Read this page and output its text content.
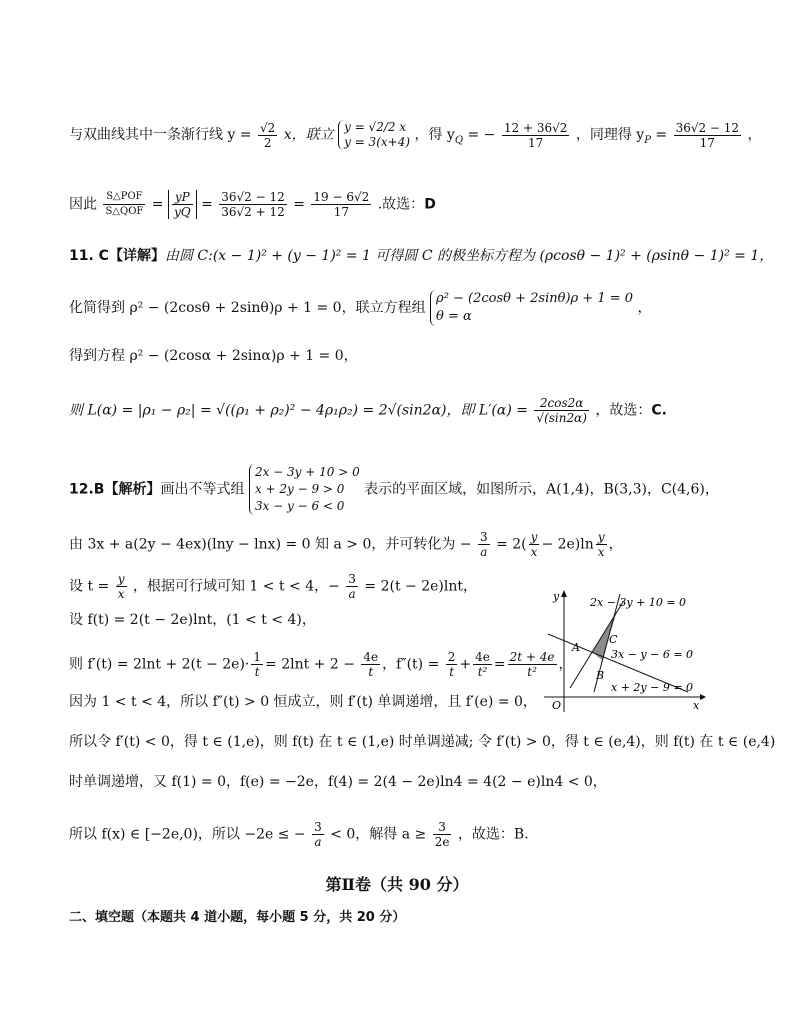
与双曲线其中一条渐行线 $y = \frac{√2}{2}$ x，联立 y = √2/2 x
y = 3(x+4) ，得 $y_Q$ = − $\frac{12 + 36√2}{17}$ ，同理得 $y_P = \frac{36√2 - 12}{17}$ ，
因此 $\frac{\text{S△POF}}{\text{S△QOF}} = \frac{yP}{yQ} = \frac{36√2 - 12}{36√2 + 12} = \frac{19 - 6√2}{17}$ .故选：D
11. C【详解】由圆 C:(x − 1)² + (y − 1)² = 1 可得圆 C 的极坐标方程为 (ρcosθ − 1)² + (ρsinθ − 1)² = 1，
化简得到 ρ² − (2cosθ + 2sinθ)ρ + 1 = 0，联立方程组
ρ² − (2cosθ + 2sinθ)ρ + 1 = 0
θ = α
，
得到方程 ρ² − (2cosα + 2sinα)ρ + 1 = 0，
则 L(α) = |ρ₁ − ρ₂| = √((ρ₁ + ρ₂)² − 4ρ₁ρ₂) = 2√(sin2α)，即 $L'(\alpha) = \frac{2\cos 2\alpha}{√(\sin 2\alpha)}$ ，故选：C.
12.B【解析】画出不等式组
2x − 3y + 10 > 0
x + 2y − 9 > 0
3x − y − 6 < 0
表示的平面区域，如图所示，A(1,4)，B(3,3)，C(4,6)，
由 3x + a(2y − 4ex)(lny − lnx) = 0 知 a > 0，并可转化为 − $\frac{3}{a} = 2( \frac{y}{x} - 2e)\ln \frac{y}{x}$ ，
设 $t = \frac{y}{x}$ ，根据可行域可知 1 < t < 4，− $\frac{3}{a} = 2(t - 2e)\ln t$，
设 f(t) = 2(t − 2e)lnt，(1 < t < 4)，
则 $f'(t) = 2\ln t + 2(t - 2e)\cdot \frac{1}{t} = 2\ln t + 2 - \frac{4e}{t}$ ，$f''(t) = \frac{2}{t} + \frac{4e}{\text{t²}} = \frac{2t + 4e}{\text{t²}}$ ，
因为 1 < t < 4，所以 f″(t) > 0 恒成立，则 f′(t) 单调递增，且 f′(e) = 0，
所以令 f′(t) < 0，得 t ∈ (1,e)，则 f(t) 在 t ∈ (1,e) 时单调递减; 令 f′(t) > 0，得 t ∈ (e,4)，则 f(t) 在 t ∈ (e,4)
时单调递增，又 f(1) = 0，f(e) = −2e，f(4) = 2(4 − 2e)ln4 = 4(2 − e)ln4 < 0，
所以 f(x) ∈ [−2e,0)，所以 −2e ≤ − $\frac{3}{a} < 0$，解得 $a \ge \frac{3}{2e}$ ，故选：B.
第Ⅱ卷（共 90 分）
二、填空题（本题共 4 道小题，每小题 5 分，共 20 分）
x
y
O
2x − 3y + 10 = 0
3x − y − 6 = 0
x + 2y − 9 = 0
A
B
C
